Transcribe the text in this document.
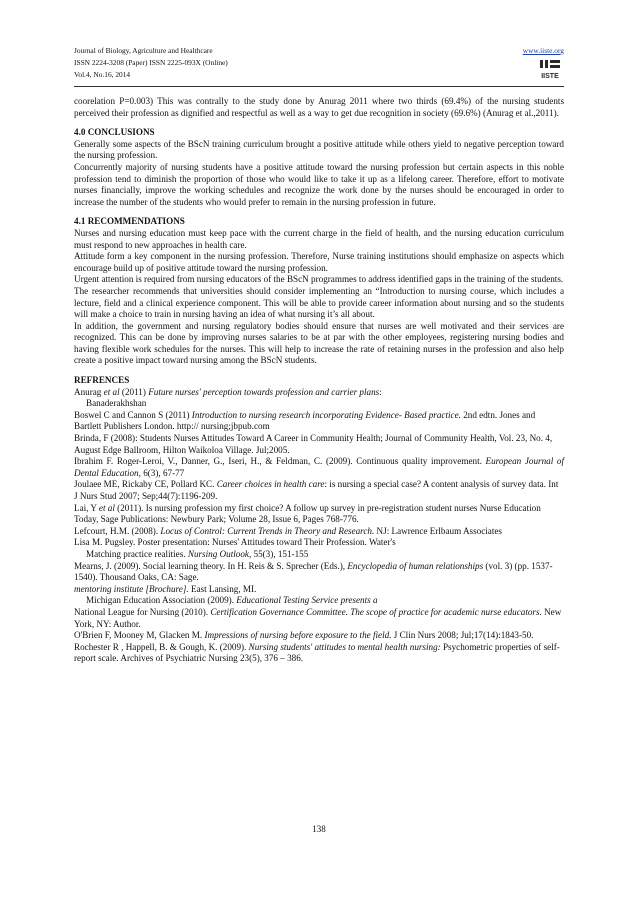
Journal of Biology, Agriculture and Healthcare
ISSN 2224-3208 (Paper) ISSN 2225-093X (Online)
Vol.4, No.16, 2014
www.iiste.org
IISTE

coorelation P=0.003) This was contrally to the study done by Anurag 2011 where two thirds (69.4%) of the nursing students perceived their profession as dignified and respectful as well as a way to get due recognition in society (69.6%) (Anurag et al.,2011).

4.0 CONCLUSIONS

Generally some aspects of the BScN training curriculum brought a positive attitude while others yield to negative perception toward the nursing profession.

Concurrently majority of nursing students have a positive attitude toward the nursing profession but certain aspects in this noble profession tend to diminish the proportion of those who would like to take it up as a lifelong career. Therefore, effort to motivate nurses financially, improve the working schedules and recognize the work done by the nurses should be encouraged in order to increase the number of the students who would prefer to remain in the nursing profession in future.

4.1 RECOMMENDATIONS

Nurses and nursing education must keep pace with the current charge in the field of health, and the nursing education curriculum must respond to new approaches in health care.

Attitude form a key component in the nursing profession. Therefore, Nurse training institutions should emphasize on aspects which encourage build up of positive attitude toward the nursing profession.

Urgent attention is required from nursing educators of the BScN programmes to address identified gaps in the training of the students.

The researcher recommends that universities should consider implementing an “Introduction to nursing course, which includes a lecture, field and a clinical experience component. This will be able to provide career information about nursing and so the students will make a choice to train in nursing having an idea of what nursing it’s all about.

In addition, the government and nursing regulatory bodies should ensure that nurses are well motivated and their services are recognized. This can be done by improving nurses salaries to be at par with the other employees, registering nursing bodies and having flexible work schedules for the nurses. This will help to increase the rate of retaining nurses in the profession and also help create a positive impact toward nursing among the BScN students.

REFRENCES

Anurag et al (2011) Future nurses' perception towards profession and carrier plans:

Banaderakhshan

Boswel C and Cannon S (2011) Introduction to nursing research incorporating Evidence- Based practice. 2nd edtn. Jones and Bartlett Publishers London. http:// nursing;jbpub.com

Brinda, F (2008): Students Nurses Attitudes Toward A Career in Community Health; Journal of Community Health, Vol. 23, No. 4, August Edge Ballroom, Hilton Waikoloa Village. Jul;2005.

Ibrahim F. Roger-Leroi, V., Danner, G., Iseri, H., & Feldman, C. (2009). Continuous quality improvement. European Journal of Dental Education, 6(3), 67-77

Joulaee ME, Rickaby CE, Pollard KC. Career choices in health care: is nursing a special case? A content analysis of survey data. Int J Nurs Stud 2007; Sep;44(7):1196-209.

Lai, Y et al (2011). Is nursing profession my first choice? A follow up survey in pre-registration student nurses Nurse Education Today, Sage Publications: Newbury Park; Volume 28, Issue 6, Pages 768-776.

Lefcourt, H.M. (2008). Locus of Control: Current Trends in Theory and Research. NJ: Lawrence Erlbaum Associates

Lisa M. Pugsley. Poster presentation: Nurses' Attitudes toward Their Profession. Water's

Matching practice realities. Nursing Outlook, 55(3), 151-155

Mearns, J. (2009). Social learning theory. In H. Reis & S. Sprecher (Eds.), Encyclopedia of human relationships (vol. 3) (pp. 1537-1540). Thousand Oaks, CA: Sage.

mentoring institute [Brochure]. East Lansing, MI.

Michigan Education Association (2009). Educational Testing Service presents a

National League for Nursing (2010). Certification Governance Committee. The scope of practice for academic nurse educators. New York, NY: Author.

O'Brien F, Mooney M, Glacken M. Impressions of nursing before exposure to the field. J Clin Nurs 2008; Jul;17(14):1843-50.

Rochester R , Happell, B. & Gough, K. (2009). Nursing students' attitudes to mental health nursing: Psychometric properties of self-report scale. Archives of Psychiatric Nursing 23(5), 376 – 386.

138
